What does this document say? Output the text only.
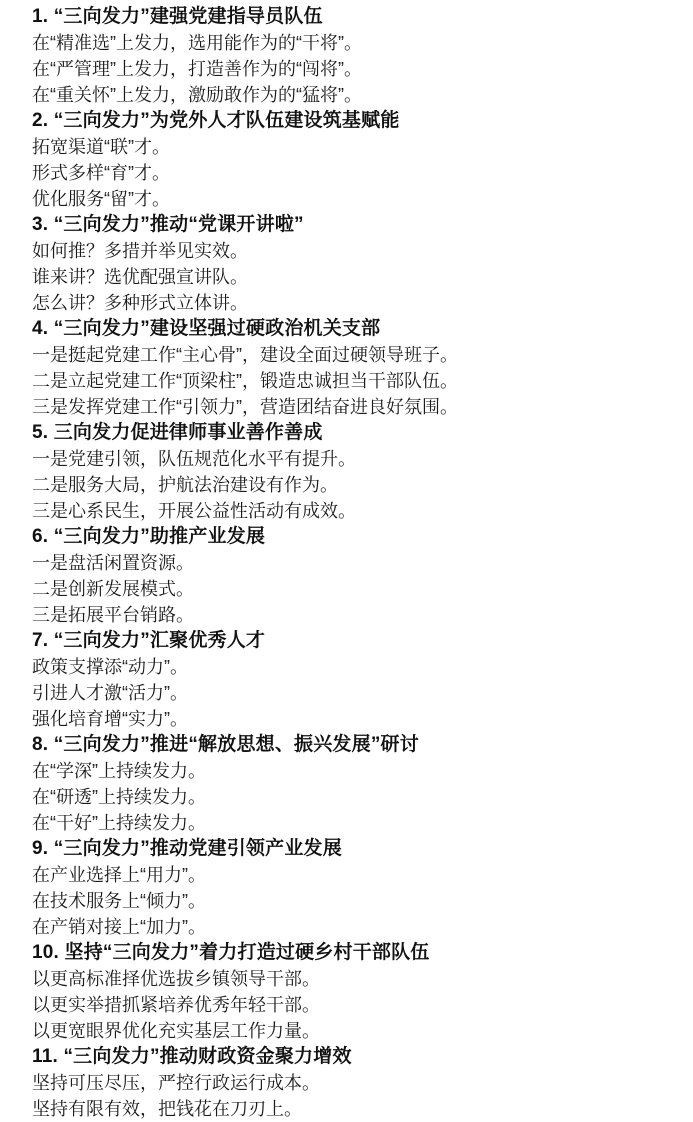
1. “三向发力”建强党建指导员队伍
在“精准选”上发力，选用能作为的“干将”。
在“严管理”上发力，打造善作为的“闯将”。
在“重关怀”上发力，激励敢作为的“猛将”。
2. “三向发力”为党外人才队伍建设筑基赋能
拓宽渠道“联”才。
形式多样“育”才。
优化服务“留”才。
3. “三向发力”推动“党课开讲啦”
如何推？多措并举见实效。
谁来讲？选优配强宣讲队。
怎么讲？多种形式立体讲。
4. “三向发力”建设坚强过硬政治机关支部
一是挺起党建工作“主心骨”，建设全面过硬领导班子。
二是立起党建工作“顶梁柱”，锻造忠诚担当干部队伍。
三是发挥党建工作“引领力”，营造团结奋进良好氛围。
5. 三向发力促进律师事业善作善成
一是党建引领，队伍规范化水平有提升。
二是服务大局，护航法治建设有作为。
三是心系民生，开展公益性活动有成效。
6. “三向发力”助推产业发展
一是盘活闲置资源。
二是创新发展模式。
三是拓展平台销路。
7. “三向发力”汇聚优秀人才
政策支撑添“动力”。
引进人才激“活力”。
强化培育增“实力”。
8. “三向发力”推进“解放思想、振兴发展”研讨
在“学深”上持续发力。
在“研透”上持续发力。
在“干好”上持续发力。
9. “三向发力”推动党建引领产业发展
在产业选择上“用力”。
在技术服务上“倾力”。
在产销对接上“加力”。
10. 坚持“三向发力”着力打造过硬乡村干部队伍
以更高标准择优选拔乡镇领导干部。
以更实举措抓紧培养优秀年轻干部。
以更宽眼界优化充实基层工作力量。
11. “三向发力”推动财政资金聚力增效
坚持可压尽压，严控行政运行成本。
坚持有限有效，把钱花在刀刃上。
